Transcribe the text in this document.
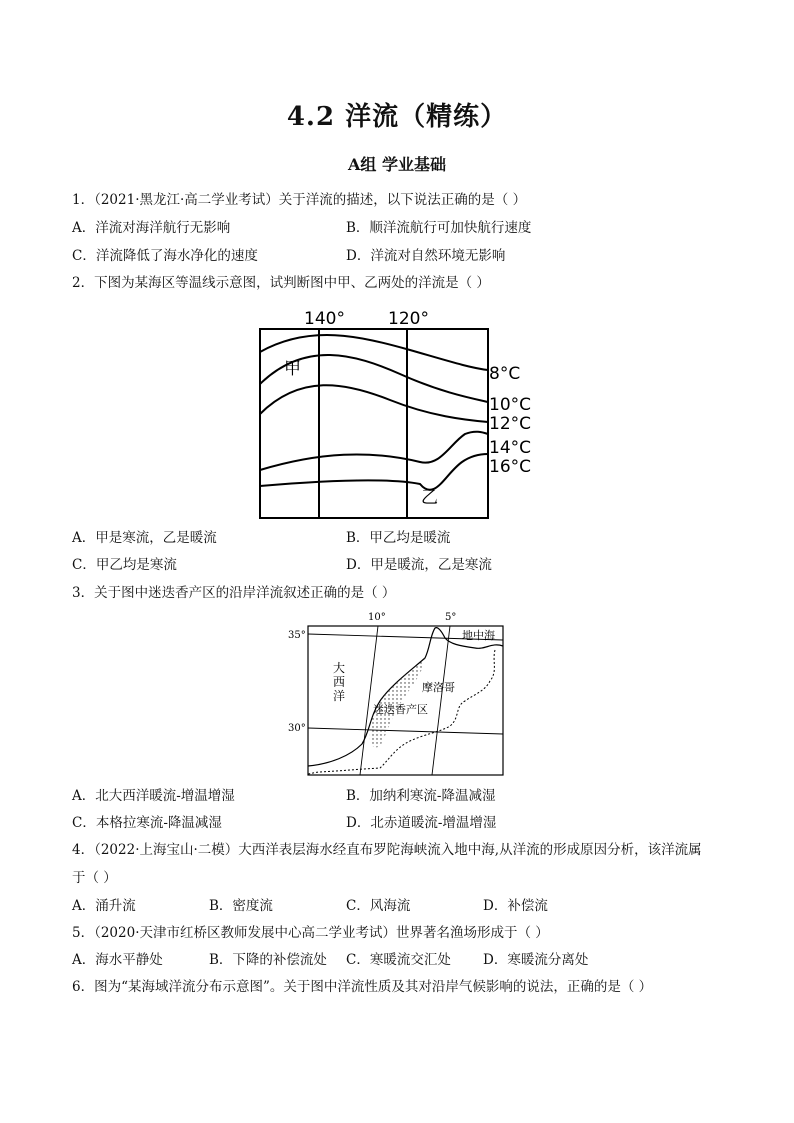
4.2 洋流（精练）
A组 学业基础
1．（2021·黑龙江·高二学业考试）关于洋流的描述，以下说法正确的是（ ）
A．洋流对海洋航行无影响	B．顺洋流航行可加快航行速度
C．洋流降低了海水净化的速度	D．洋流对自然环境无影响
2．下图为某海区等温线示意图，试判断图中甲、乙两处的洋流是（ ）
140°	120°
甲
乙
8°C
10°C
12°C
14°C
16°C
A．甲是寒流，乙是暖流	B．甲乙均是暖流
C．甲乙均是寒流	D．甲是暖流，乙是寒流
3．关于图中迷迭香产区的沿岸洋流叙述正确的是（ ）
10°	5°
35°
30°
地中海
大
西
洋
摩洛哥
迷迭香产区
A．北大西洋暖流-增温增湿	B．加纳利寒流-降温减湿
C．本格拉寒流-降温减湿	D．北赤道暖流-增温增湿
4．（2022·上海宝山·二模）大西洋表层海水经直布罗陀海峡流入地中海,从洋流的形成原因分析，该洋流属
于（ ）
A．涌升流	B．密度流	C．风海流	D．补偿流
5．（2020·天津市红桥区教师发展中心高二学业考试）世界著名渔场形成于（ ）
A．海水平静处	B．下降的补偿流处 C．寒暖流交汇处 D．寒暖流分离处
6．图为“某海域洋流分布示意图”。关于图中洋流性质及其对沿岸气候影响的说法，正确的是（ ）
